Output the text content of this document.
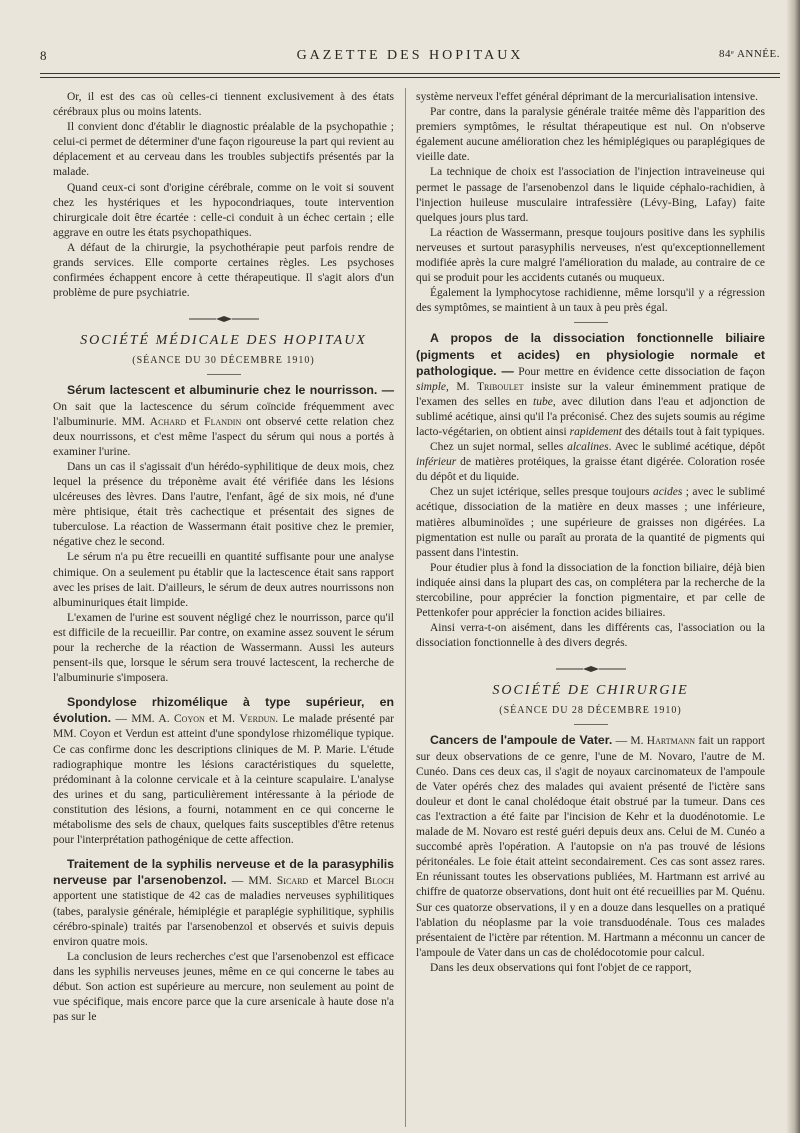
8	GAZETTE DES HOPITAUX	84ᵉ ANNÉE.

Or, il est des cas où celles-ci tiennent exclusivement à des états cérébraux plus ou moins latents.

Il convient donc d'établir le diagnostic préalable de la psychopathie ; celui-ci permet de déterminer d'une façon rigoureuse la part qui revient au déplacement et au cerveau dans les troubles subjectifs présentés par la malade.

Quand ceux-ci sont d'origine cérébrale, comme on le voit si souvent chez les hystériques et les hypocondriaques, toute intervention chirurgicale doit être écartée : celle-ci conduit à un échec certain ; elle aggrave en outre les états psychopathiques.

A défaut de la chirurgie, la psychothérapie peut parfois rendre de grands services. Elle comporte certaines règles. Les psychoses confirmées échappent encore à cette thérapeutique. Il s'agit alors d'un problème de pure psychiatrie.

SOCIÉTÉ MÉDICALE DES HOPITAUX

(SÉANCE DU 30 DÉCEMBRE 1910)

Sérum lactescent et albuminurie chez le nourrisson. — On sait que la lactescence du sérum coïncide fréquemment avec l'albuminurie. MM. Achard et Flandin ont observé cette relation chez deux nourrissons, et c'est même l'aspect du sérum qui nous a portés à examiner l'urine.

Dans un cas il s'agissait d'un hérédo-syphilitique de deux mois, chez lequel la présence du tréponème avait été vérifiée dans les lésions ulcéreuses des lèvres. Dans l'autre, l'enfant, âgé de six mois, né d'une mère phtisique, était très cachectique et présentait des signes de tuberculose. La réaction de Wassermann était positive chez le premier, négative chez le second.

Le sérum n'a pu être recueilli en quantité suffisante pour une analyse chimique. On a seulement pu établir que la lactescence était sans rapport avec les prises de lait. D'ailleurs, le sérum de deux autres nourrissons non albuminuriques était limpide.

L'examen de l'urine est souvent négligé chez le nourrisson, parce qu'il est difficile de la recueillir. Par contre, on examine assez souvent le sérum pour la recherche de la réaction de Wassermann. Aussi les auteurs pensent-ils que, lorsque le sérum sera trouvé lactescent, la recherche de l'albuminurie s'imposera.

Spondylose rhizomélique à type supérieur, en évolution. — MM. A. Coyon et M. Verdun. Le malade présenté par MM. Coyon et Verdun est atteint d'une spondylose rhizomélique typique. Ce cas confirme donc les descriptions cliniques de M. P. Marie. L'étude radiographique montre les lésions caractéristiques du squelette, prédominant à la colonne cervicale et à la ceinture scapulaire. L'analyse des urines et du sang, particulièrement intéressante à la période de constitution des lésions, a fourni, notamment en ce qui concerne le métabolisme des sels de chaux, quelques faits susceptibles d'être retenus pour l'interprétation pathogénique de cette affection.

Traitement de la syphilis nerveuse et de la parasyphilis nerveuse par l'arsenobenzol. — MM. Sicard et Marcel Bloch apportent une statistique de 42 cas de maladies nerveuses syphilitiques (tabes, paralysie générale, hémiplégie et paraplégie syphilitique, syphilis cérébro-spinale) traités par l'arsenobenzol et observés et suivis depuis environ quatre mois.

La conclusion de leurs recherches c'est que l'arsenobenzol est efficace dans les syphilis nerveuses jeunes, même en ce qui concerne le tabes au début. Son action est supérieure au mercure, non seulement au point de vue spécifique, mais encore parce que la cure arsenicale à haute dose n'a pas sur le

système nerveux l'effet général déprimant de la mercurialisation intensive.

Par contre, dans la paralysie générale traitée même dès l'apparition des premiers symptômes, le résultat thérapeutique est nul. On n'observe également aucune amélioration chez les hémiplégiques ou paraplégiques de vieille date.

La technique de choix est l'association de l'injection intraveineuse qui permet le passage de l'arsenobenzol dans le liquide céphalo-rachidien, à l'injection huileuse musculaire intrafessière (Lévy-Bing, Lafay) faite quelques jours plus tard.

La réaction de Wassermann, presque toujours positive dans les syphilis nerveuses et surtout parasyphilis nerveuses, n'est qu'exceptionnellement modifiée après la cure malgré l'amélioration du malade, au contraire de ce qui se produit pour les accidents cutanés ou muqueux.

Également la lymphocytose rachidienne, même lorsqu'il y a régression des symptômes, se maintient à un taux à peu près égal.

A propos de la dissociation fonctionnelle biliaire (pigments et acides) en physiologie normale et pathologique. — Pour mettre en évidence cette dissociation de façon simple, M. Triboulet insiste sur la valeur éminemment pratique de l'examen des selles en tube, avec dilution dans l'eau et adjonction de sublimé acétique, ainsi qu'il l'a préconisé. Chez des sujets soumis au régime lacto-végétarien, on obtient ainsi rapidement des détails tout à fait typiques.

Chez un sujet normal, selles alcalines. Avec le sublimé acétique, dépôt inférieur de matières protéiques, la graisse étant digérée. Coloration rosée du dépôt et du liquide.

Chez un sujet ictérique, selles presque toujours acides ; avec le sublimé acétique, dissociation de la matière en deux masses ; une inférieure, matières albuminoïdes ; une supérieure de graisses non digérées. La pigmentation est nulle ou paraît au prorata de la quantité de pigments qui passent dans l'intestin.

Pour étudier plus à fond la dissociation de la fonction biliaire, déjà bien indiquée ainsi dans la plupart des cas, on complétera par la recherche de la stercobiline, pour apprécier la fonction pigmentaire, et par celle de Pettenkofer pour apprécier la fonction acides biliaires.

Ainsi verra-t-on aisément, dans les différents cas, l'association ou la dissociation fonctionnelle à des divers degrés.

SOCIÉTÉ DE CHIRURGIE

(SÉANCE DU 28 DÉCEMBRE 1910)

Cancers de l'ampoule de Vater. — M. Hartmann fait un rapport sur deux observations de ce genre, l'une de M. Novaro, l'autre de M. Cunéo. Dans ces deux cas, il s'agit de noyaux carcinomateux de l'ampoule de Vater opérés chez des malades qui avaient présenté de l'ictère sans douleur et dont le canal cholédoque était obstrué par la tumeur. Dans ces cas l'extraction a été faite par l'incision de Kehr et la duodénotomie. Le malade de M. Novaro est resté guéri depuis deux ans. Celui de M. Cunéo a succombé après l'opération. A l'autopsie on n'a pas trouvé de lésions péritonéales. Le foie était atteint secondairement. Ces cas sont assez rares. En réunissant toutes les observations publiées, M. Hartmann est arrivé au chiffre de quatorze observations, dont huit ont été recueillies par M. Quénu. Sur ces quatorze observations, il y en a douze dans lesquelles on a pratiqué l'ablation du néoplasme par la voie transduodénale. Tous ces malades présentaient de l'ictère par rétention. M. Hartmann a méconnu un cancer de l'ampoule de Vater dans un cas de cholédocotomie pour calcul.

Dans les deux observations qui font l'objet de ce rapport,
